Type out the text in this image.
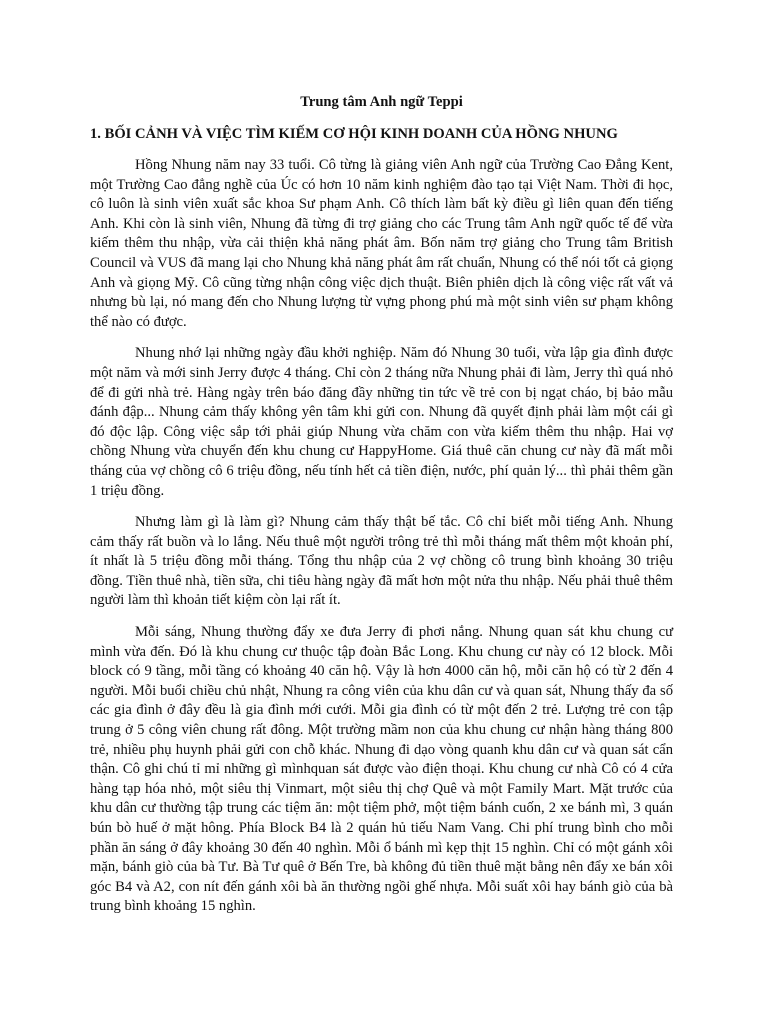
Trung tâm Anh ngữ Teppi
1. BỐI CẢNH VÀ VIỆC TÌM KIẾM CƠ HỘI KINH DOANH CỦA HỒNG NHUNG

Hồng Nhung năm nay 33 tuổi. Cô từng là giảng viên Anh ngữ của Trường Cao Đẳng Kent, một Trường Cao đẳng nghề của Úc có hơn 10 năm kinh nghiệm đào tạo tại Việt Nam. Thời đi học, cô luôn là sinh viên xuất sắc khoa Sư phạm Anh. Cô thích làm bất kỳ điều gì liên quan đến tiếng Anh. Khi còn là sinh viên, Nhung đã từng đi trợ giảng cho các Trung tâm Anh ngữ quốc tế để vừa kiếm thêm thu nhập, vừa cải thiện khả năng phát âm. Bốn năm trợ giảng cho Trung tâm British Council và VUS đã mang lại cho Nhung khả năng phát âm rất chuẩn, Nhung có thể nói tốt cả giọng Anh và giọng Mỹ. Cô cũng từng nhận công việc dịch thuật. Biên phiên dịch là công việc rất vất vả nhưng bù lại, nó mang đến cho Nhung lượng từ vựng phong phú mà một sinh viên sư phạm không thể nào có được.

Nhung nhớ lại những ngày đầu khởi nghiệp. Năm đó Nhung 30 tuổi, vừa lập gia đình được một năm và mới sinh Jerry được 4 tháng. Chỉ còn 2 tháng nữa Nhung phải đi làm, Jerry thì quá nhỏ để đi gửi nhà trẻ. Hàng ngày trên báo đăng đầy những tin tức về trẻ con bị ngạt cháo, bị bảo mẫu đánh đập... Nhung cảm thấy không yên tâm khi gửi con. Nhung đã quyết định phải làm một cái gì đó độc lập. Công việc sắp tới phải giúp Nhung vừa chăm con vừa kiếm thêm thu nhập. Hai vợ chồng Nhung vừa chuyển đến khu chung cư HappyHome. Giá thuê căn chung cư này đã mất mỗi tháng của vợ chồng cô 6 triệu đồng, nếu tính hết cả tiền điện, nước, phí quản lý... thì phải thêm gần 1 triệu đồng.

Nhưng làm gì là làm gì? Nhung cảm thấy thật bế tắc. Cô chỉ biết mỗi tiếng Anh. Nhung cảm thấy rất buồn và lo lắng. Nếu thuê một người trông trẻ thì mỗi tháng mất thêm một khoản phí, ít nhất là 5 triệu đồng mỗi tháng. Tổng thu nhập của 2 vợ chồng cô trung bình khoảng 30 triệu đồng. Tiền thuê nhà, tiền sữa, chi tiêu hàng ngày đã mất hơn một nửa thu nhập. Nếu phải thuê thêm người làm thì khoản tiết kiệm còn lại rất ít.

Mỗi sáng, Nhung thường đẩy xe đưa Jerry đi phơi nắng. Nhung quan sát khu chung cư mình vừa đến. Đó là khu chung cư thuộc tập đoàn Bắc Long. Khu chung cư này có 12 block. Mỗi block có 9 tầng, mỗi tầng có khoảng 40 căn hộ. Vậy là hơn 4000 căn hộ, mỗi căn hộ có từ 2 đến 4 người. Mỗi buổi chiều chủ nhật, Nhung ra công viên của khu dân cư và quan sát, Nhung thấy đa số các gia đình ở đây đều là gia đình mới cưới. Mỗi gia đình có từ một đến 2 trẻ. Lượng trẻ con tập trung ở 5 công viên chung rất đông. Một trường mầm non của khu chung cư nhận hàng tháng 800 trẻ, nhiều phụ huynh phải gửi con chỗ khác. Nhung đi dạo vòng quanh khu dân cư và quan sát cẩn thận. Cô ghi chú tỉ mỉ những gì mìnhquan sát được vào điện thoại. Khu chung cư nhà Cô có 4 cửa hàng tạp hóa nhỏ, một siêu thị Vinmart, một siêu thị chợ Quê và một Family Mart. Mặt trước của khu dân cư thường tập trung các tiệm ăn: một tiệm phở, một tiệm bánh cuốn, 2 xe bánh mì, 3 quán bún bò huế ở mặt hông. Phía Block B4 là 2 quán hủ tiếu Nam Vang. Chi phí trung bình cho mỗi phần ăn sáng ở đây khoảng 30 đến 40 nghìn. Mỗi ổ bánh mì kẹp thịt 15 nghìn. Chỉ có một gánh xôi mặn, bánh giò của bà Tư. Bà Tư quê ở Bến Tre, bà không đủ tiền thuê mặt bằng nên đẩy xe bán xôi góc B4 và A2, con nít đến gánh xôi bà ăn thường ngồi ghế nhựa. Mỗi suất xôi hay bánh giò của bà trung bình khoảng 15 nghìn.
